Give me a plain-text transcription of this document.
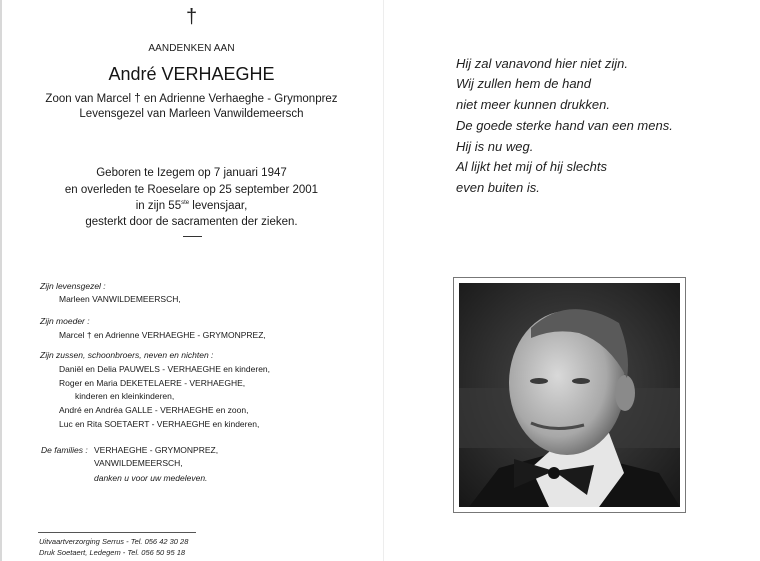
†
AANDENKEN AAN
André VERHAEGHE
Zoon van Marcel † en Adrienne Verhaeghe - Grymonprez
Levensgezel van Marleen Vanwildemeersch
Geboren te Izegem op 7 januari 1947
en overleden te Roeselare op 25 september 2001
in zijn 55ste levensjaar,
gesterkt door de sacramenten der zieken.
Zijn levensgezel :
Marleen VANWILDEMEERSCH,
Zijn moeder :
Marcel † en Adrienne VERHAEGHE - GRYMONPREZ,
Zijn zussen, schoonbroers, neven en nichten :
Daniël en Delia PAUWELS - VERHAEGHE en kinderen,
Roger en Maria DEKETELAERE - VERHAEGHE,
kinderen en kleinkinderen,
André en Andréa GALLE - VERHAEGHE en zoon,
Luc en Rita SOETAERT - VERHAEGHE en kinderen,
De families : VERHAEGHE - GRYMONPREZ,
VANWILDEMEERSCH,
danken u voor uw medeleven.
Uitvaartverzorging Serrus - Tel. 056 42 30 28
Druk Soetaert, Ledegem - Tel. 056 50 95 18
Hij zal vanavond hier niet zijn.
Wij zullen hem de hand
niet meer kunnen drukken.
De goede sterke hand van een mens.
Hij is nu weg.
Al lijkt het mij of hij slechts
even buiten is.
